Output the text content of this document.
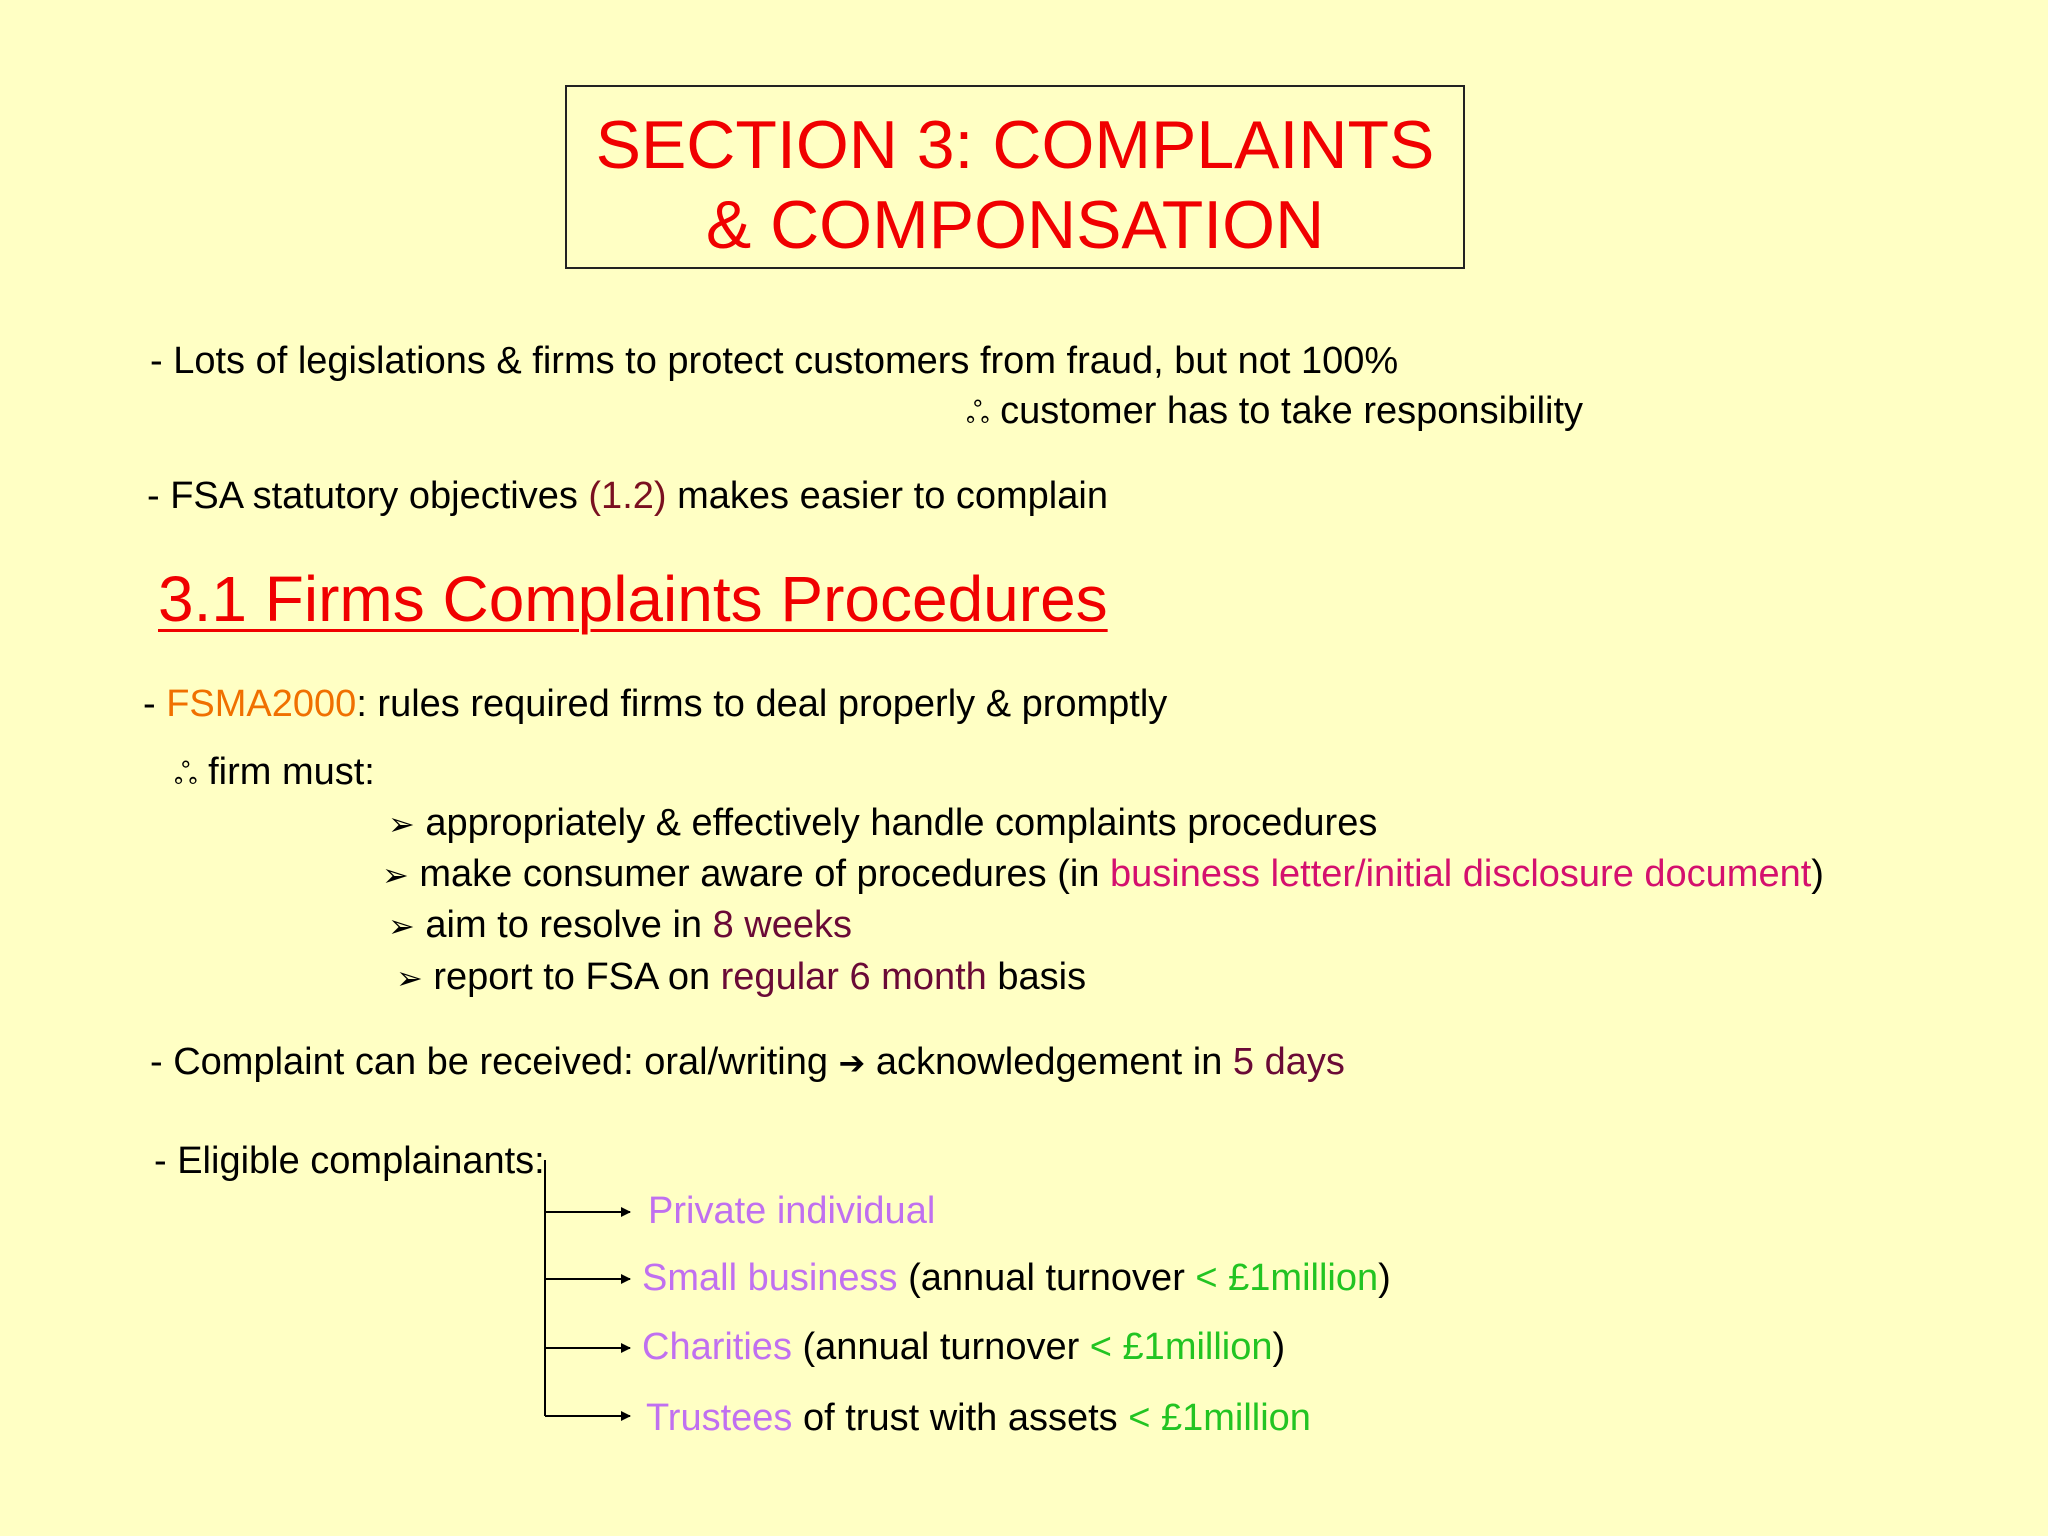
SECTION 3: COMPLAINTS
& COMPONSATION
- Lots of legislations & firms to protect customers from fraud, but not 100%
ஃ customer has to take responsibility
- FSA statutory objectives (1.2) makes easier to complain
3.1 Firms Complaints Procedures
- FSMA2000: rules required firms to deal properly & promptly
ஃ firm must:
➢ appropriately & effectively handle complaints procedures
➢ make consumer aware of procedures (in business letter/initial disclosure document)
➢ aim to resolve in 8 weeks
➢ report to FSA on regular 6 month basis
- Complaint can be received: oral/writing ➔ acknowledgement in 5 days
- Eligible complainants:
Private individual
Small business (annual turnover < £1million)
Charities (annual turnover < £1million)
Trustees of trust with assets < £1million
